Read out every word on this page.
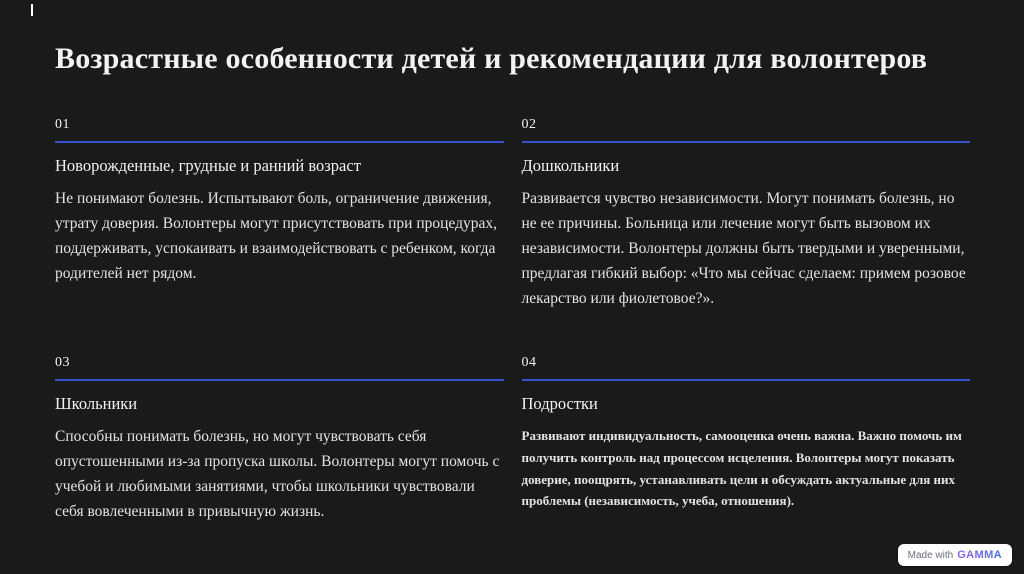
Возрастные особенности детей и рекомендации для волонтеров
01
Новорожденные, грудные и ранний возраст

Не понимают болезнь. Испытывают боль, ограничение движения, утрату доверия. Волонтеры могут присутствовать при процедурах, поддерживать, успокаивать и взаимодействовать с ребенком, когда родителей нет рядом.

02
Дошкольники

Развивается чувство независимости. Могут понимать болезнь, но не ее причины. Больница или лечение могут быть вызовом их независимости. Волонтеры должны быть твердыми и уверенными, предлагая гибкий выбор: «Что мы сейчас сделаем: примем розовое лекарство или фиолетовое?».

03
Школьники

Способны понимать болезнь, но могут чувствовать себя опустошенными из-за пропуска школы. Волонтеры могут помочь с учебой и любимыми занятиями, чтобы школьники чувствовали себя вовлеченными в привычную жизнь.

04
Подростки

Развивают индивидуальность, самооценка очень важна. Важно помочь им получить контроль над процессом исцеления. Волонтеры могут показать доверие, поощрять, устанавливать цели и обсуждать актуальные для них проблемы (независимость, учеба, отношения).

Made with GAMMA
